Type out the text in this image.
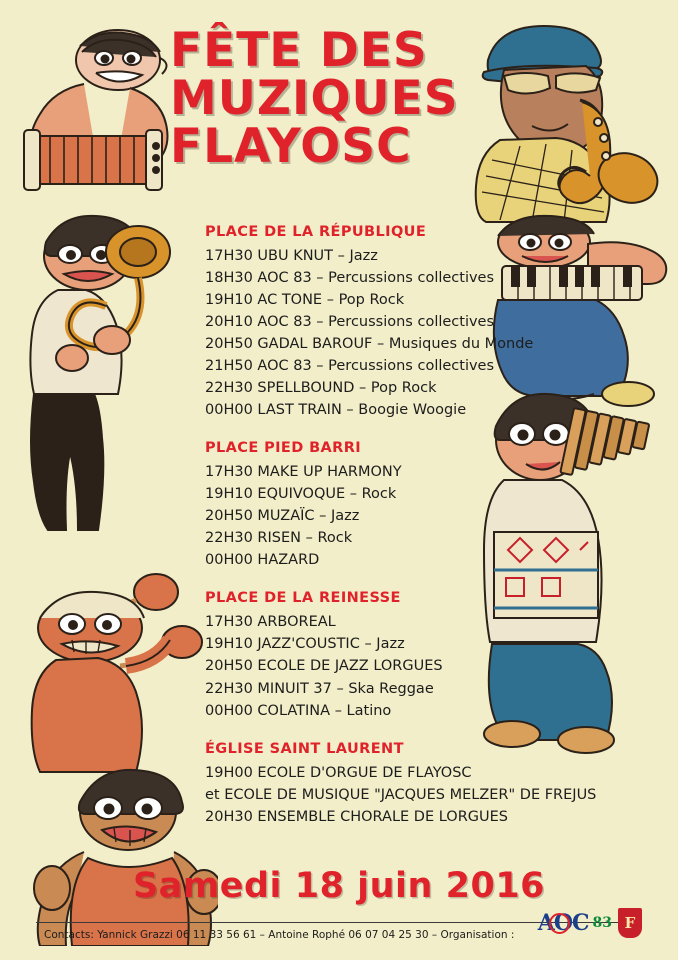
FÊTE DES
MUZIQUES
FLAYOSC
PLACE DE LA RÉPUBLIQUE
17H30 UBU KNUT – Jazz
18H30 AOC 83 – Percussions collectives
19H10 AC TONE – Pop Rock
20H10 AOC 83 – Percussions collectives
20H50 GADAL BAROUF – Musiques du Monde
21H50 AOC 83 – Percussions collectives
22H30 SPELLBOUND – Pop Rock
00H00 LAST TRAIN – Boogie Woogie
PLACE PIED BARRI
17H30 MAKE UP HARMONY
19H10 EQUIVOQUE – Rock
20H50 MUZAÏC – Jazz
22H30 RISEN – Rock
00H00 HAZARD
PLACE DE LA REINESSE
17H30 ARBOREAL
19H10 JAZZ'COUSTIC – Jazz
20H50 ECOLE DE JAZZ LORGUES
22H30 MINUIT 37 – Ska Reggae
00H00 COLATINA – Latino
ÉGLISE SAINT LAURENT
19H00 ECOLE D'ORGUE DE FLAYOSC
et ECOLE DE MUSIQUE "JACQUES MELZER" DE FREJUS
20H30 ENSEMBLE CHORALE DE LORGUES
Samedi 18 juin 2016
AOC 83 F
Contacts: Yannick Grazzi 06 11 33 56 61 – Antoine Rophé 06 07 04 25 30 – Organisation :
